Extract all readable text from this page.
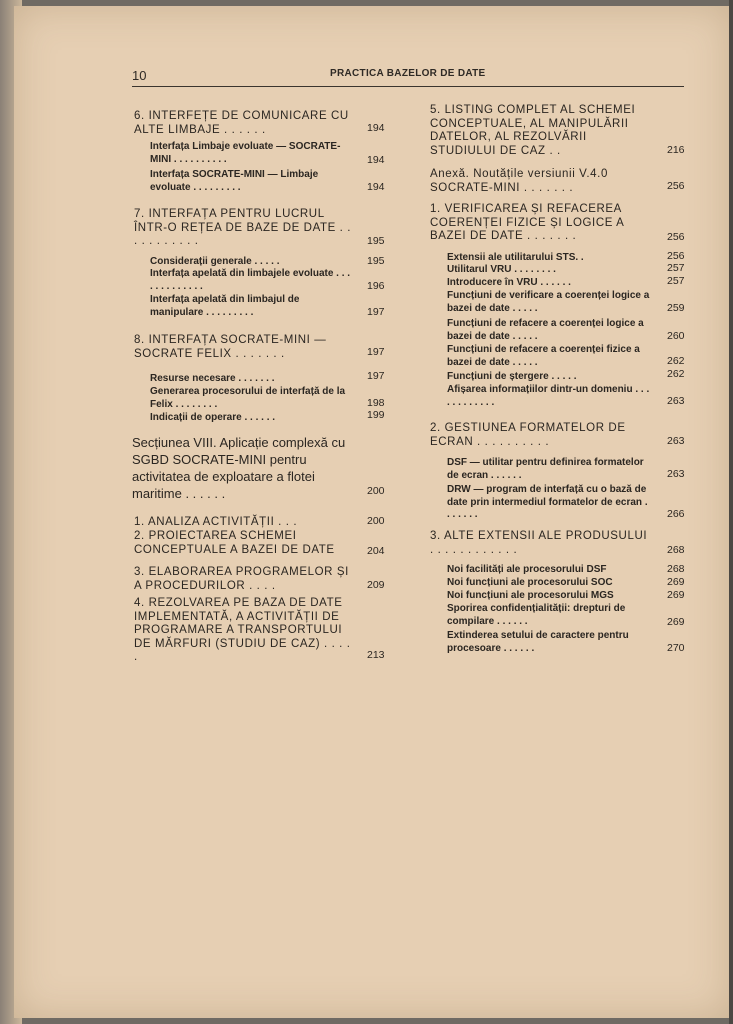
10	PRACTICA BAZELOR DE DATE
6. INTERFEȚE DE COMUNICARE CU ALTE LIMBAJE . . . . . .	194
Interfața Limbaje evoluate — SOCRATE-MINI . . . . . . . . . .	194
Interfața SOCRATE-MINI — Limbaje evoluate . . . . . . . . .	194
7. INTERFAȚA PENTRU LUCRUL ÎNTR-O REȚEA DE BAZE DE DATE . . . . . . . . . . .	195
Considerații generale . . . . .	195
Interfața apelată din limbajele evoluate . . . . . . . . . . . . .	196
Interfața apelată din limbajul de manipulare . . . . . . . . .	197
8. INTERFAȚA SOCRATE-MINI — SOCRATE FELIX . . . . . . .	197
Resurse necesare . . . . . . .	197
Generarea procesorului de interfață de la Felix . . . . . . . .	198
Indicații de operare . . . . . .	199
Secțiunea VIII. Aplicație complexă cu SGBD SOCRATE-MINI pentru activitatea de exploatare a flotei maritime . . . . . .	200
1. ANALIZA ACTIVITĂȚII . . .	200
2. PROIECTAREA SCHEMEI CONCEPTUALE A BAZEI DE DATE	204
3. ELABORAREA PROGRAMELOR ȘI A PROCEDURILOR . . . .	209
4. REZOLVAREA PE BAZA DE DATE IMPLEMENTATĂ, A ACTIVITĂȚII DE PROGRAMARE A TRANSPORTULUI DE MĂRFURI (STUDIU DE CAZ) . . . . .	213
5. LISTING COMPLET AL SCHEMEI CONCEPTUALE, AL MANIPULĂRII DATELOR, AL REZOLVĂRII STUDIULUI DE CAZ . .	216
Anexă. Noutățile versiunii V.4.0 SOCRATE-MINI . . . . . . .	256
1. VERIFICAREA ȘI REFACEREA COERENȚEI FIZICE ȘI LOGICE A BAZEI DE DATE . . . . . . .	256
Extensii ale utilitarului STS. .	256
Utilitarul VRU . . . . . . . .	257
Introducere în VRU . . . . . .	257
Funcțiuni de verificare a coerenței logice a bazei de date . . . . .	259
Funcțiuni de refacere a coerenței logice a bazei de date . . . . .	260
Funcțiuni de refacere a coerenței fizice a bazei de date . . . . .	262
Funcțiuni de ștergere . . . . .	262
Afișarea informațiilor dintr-un domeniu . . . . . . . . . . . .	263
2. GESTIUNEA FORMATELOR DE ECRAN . . . . . . . . . .	263
DSF — utilitar pentru definirea formatelor de ecran . . . . . .	263
DRW — program de interfață cu o bază de date prin intermediul formatelor de ecran . . . . . . .	266
3. ALTE EXTENSII ALE PRODUSULUI . . . . . . . . . . . .	268
Noi facilități ale procesorului DSF	268
Noi funcțiuni ale procesorului SOC	269
Noi funcțiuni ale procesorului MGS	269
Sporirea confidențialității: drepturi de compilare . . . . . .	269
Extinderea setului de caractere pentru procesoare . . . . . .	270
